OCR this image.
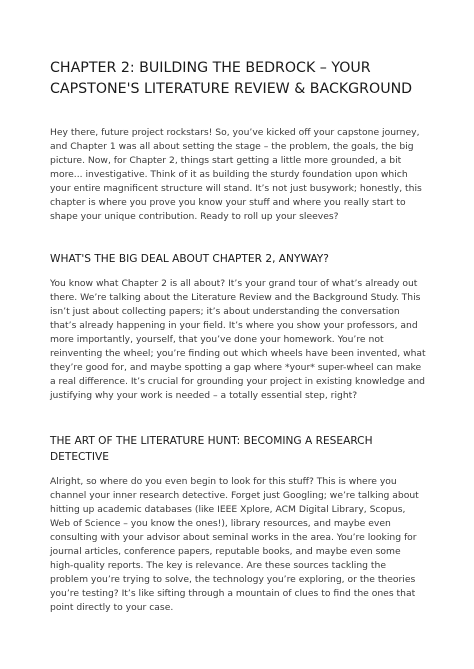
CHAPTER 2: BUILDING THE BEDROCK – YOUR CAPSTONE'S LITERATURE REVIEW & BACKGROUND

Hey there, future project rockstars! So, you’ve kicked off your capstone journey, and Chapter 1 was all about setting the stage – the problem, the goals, the big picture. Now, for Chapter 2, things start getting a little more grounded, a bit more... investigative. Think of it as building the sturdy foundation upon which your entire magnificent structure will stand. It’s not just busywork; honestly, this chapter is where you prove you know your stuff and where you really start to shape your unique contribution. Ready to roll up your sleeves?

WHAT'S THE BIG DEAL ABOUT CHAPTER 2, ANYWAY?

You know what Chapter 2 is all about? It’s your grand tour of what’s already out there. We’re talking about the Literature Review and the Background Study. This isn’t just about collecting papers; it’s about understanding the conversation that’s already happening in your field. It’s where you show your professors, and more importantly, yourself, that you’ve done your homework. You’re not reinventing the wheel; you’re finding out which wheels have been invented, what they’re good for, and maybe spotting a gap where *your* super-wheel can make a real difference. It’s crucial for grounding your project in existing knowledge and justifying why your work is needed – a totally essential step, right?

THE ART OF THE LITERATURE HUNT: BECOMING A RESEARCH DETECTIVE

Alright, so where do you even begin to look for this stuff? This is where you channel your inner research detective. Forget just Googling; we’re talking about hitting up academic databases (like IEEE Xplore, ACM Digital Library, Scopus, Web of Science – you know the ones!), library resources, and maybe even consulting with your advisor about seminal works in the area. You’re looking for journal articles, conference papers, reputable books, and maybe even some high-quality reports. The key is relevance. Are these sources tackling the problem you’re trying to solve, the technology you’re exploring, or the theories you’re testing? It’s like sifting through a mountain of clues to find the ones that point directly to your case.
